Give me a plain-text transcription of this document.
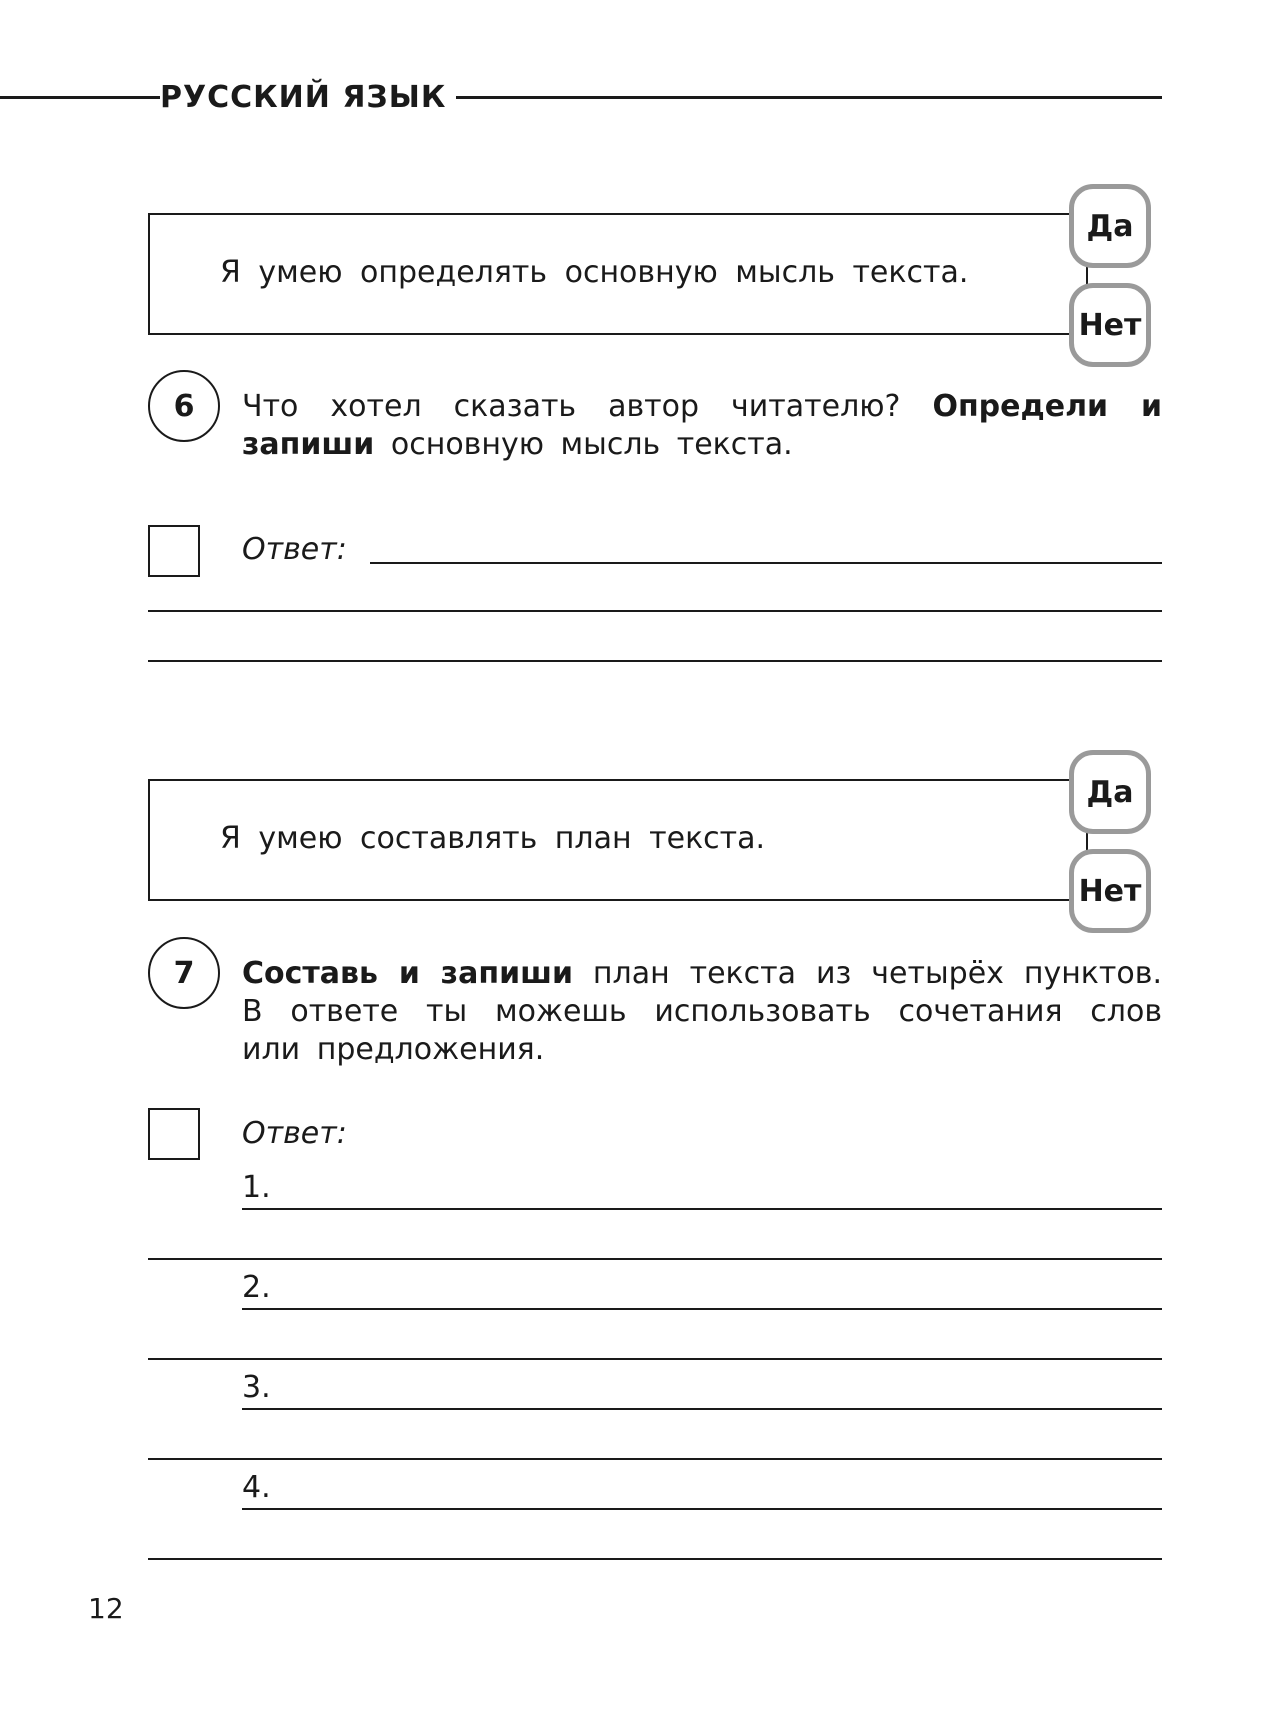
РУССКИЙ ЯЗЫК
Я умею определять основную мысль текста.
Да
Нет
6	Что хотел сказать автор читателю? Определи и запиши основную мысль текста.
Ответ:
Я умею составлять план текста.
Да
Нет
7	Составь и запиши план текста из четырёх пунктов. В ответе ты можешь использовать сочетания слов или предложения.
Ответ:
1.
2.
3.
4.
12
